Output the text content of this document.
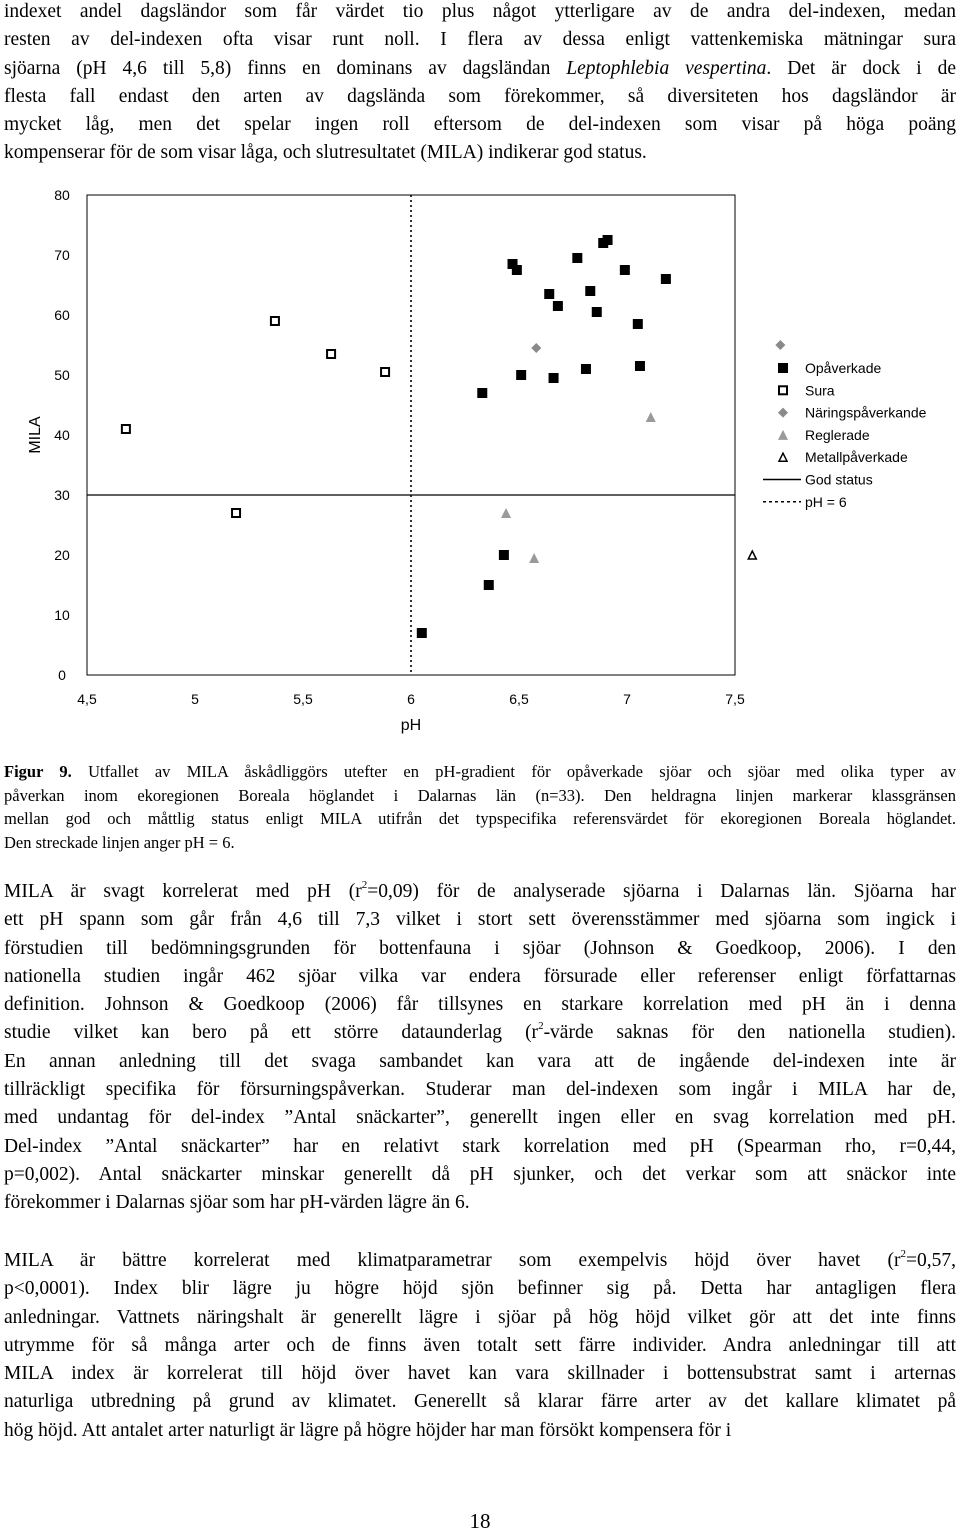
indexet andel dagsländor som får värdet tio plus något ytterligare av de andra del-indexen, medan
resten av del-indexen ofta visar runt noll. I flera av dessa enligt vattenkemiska mätningar sura
sjöarna (pH 4,6 till 5,8) finns en dominans av dagsländan Leptophlebia vespertina. Det är dock i de
flesta fall endast den arten av dagslända som förekommer, så diversiteten hos dagsländor är
mycket låg, men det spelar ingen roll eftersom de del-indexen som visar på höga poäng
kompenserar för de som visar låga, och slutresultatet (MILA) indikerar god status.

0
10
20
30
40
50
60
70
80
4,5	5	5,5	6	6,5	7	7,5
pH
MILA
Opåverkade
Sura
Näringspåverkande
Reglerade
Metallpåverkade
God status
pH = 6

Figur 9. Utfallet av MILA åskådliggörs utefter en pH-gradient för opåverkade sjöar och sjöar med olika typer av
påverkan inom ekoregionen Boreala höglandet i Dalarnas län (n=33). Den heldragna linjen markerar klassgränsen
mellan god och måttlig status enligt MILA utifrån det typspecifika referensvärdet för ekoregionen Boreala höglandet.
Den streckade linjen anger pH = 6.

MILA är svagt korrelerat med pH $(r^2=0,09)$ för de analyserade sjöarna i Dalarnas län. Sjöarna har
ett pH spann som går från 4,6 till 7,3 vilket i stort sett överensstämmer med sjöarna som ingick i
förstudien till bedömningsgrunden för bottenfauna i sjöar (Johnson & Goedkoop, 2006). I den
nationella studien ingår 462 sjöar vilka var endera försurade eller referenser enligt författarnas
definition. Johnson & Goedkoop (2006) får tillsynes en starkare korrelation med pH än i denna
studie vilket kan bero på ett större dataunderlag ($r^2$-värde saknas för den nationella studien).
En annan anledning till det svaga sambandet kan vara att de ingående del-indexen inte är
tillräckligt specifika för försurningspåverkan. Studerar man del-indexen som ingår i MILA har de,
med undantag för del-index ”Antal snäckarter”, generellt ingen eller en svag korrelation med pH.
Del-index ”Antal snäckarter” har en relativt stark korrelation med pH (Spearman rho, r=0,44,
p=0,002). Antal snäckarter minskar generellt då pH sjunker, och det verkar som att snäckor inte
förekommer i Dalarnas sjöar som har pH-värden lägre än 6.

MILA är bättre korrelerat med klimatparametrar som exempelvis höjd över havet ($r^2=0,57$,
p<0,0001). Index blir lägre ju högre höjd sjön befinner sig på. Detta har antagligen flera
anledningar. Vattnets näringshalt är generellt lägre i sjöar på hög höjd vilket gör att det inte finns
utrymme för så många arter och de finns även totalt sett färre individer. Andra anledningar till att
MILA index är korrelerat till höjd över havet kan vara skillnader i bottensubstrat samt i arternas
naturliga utbredning på grund av klimatet. Generellt så klarar färre arter av det kallare klimatet på
hög höjd. Att antalet arter naturligt är lägre på högre höjder har man försökt kompensera för i

18
